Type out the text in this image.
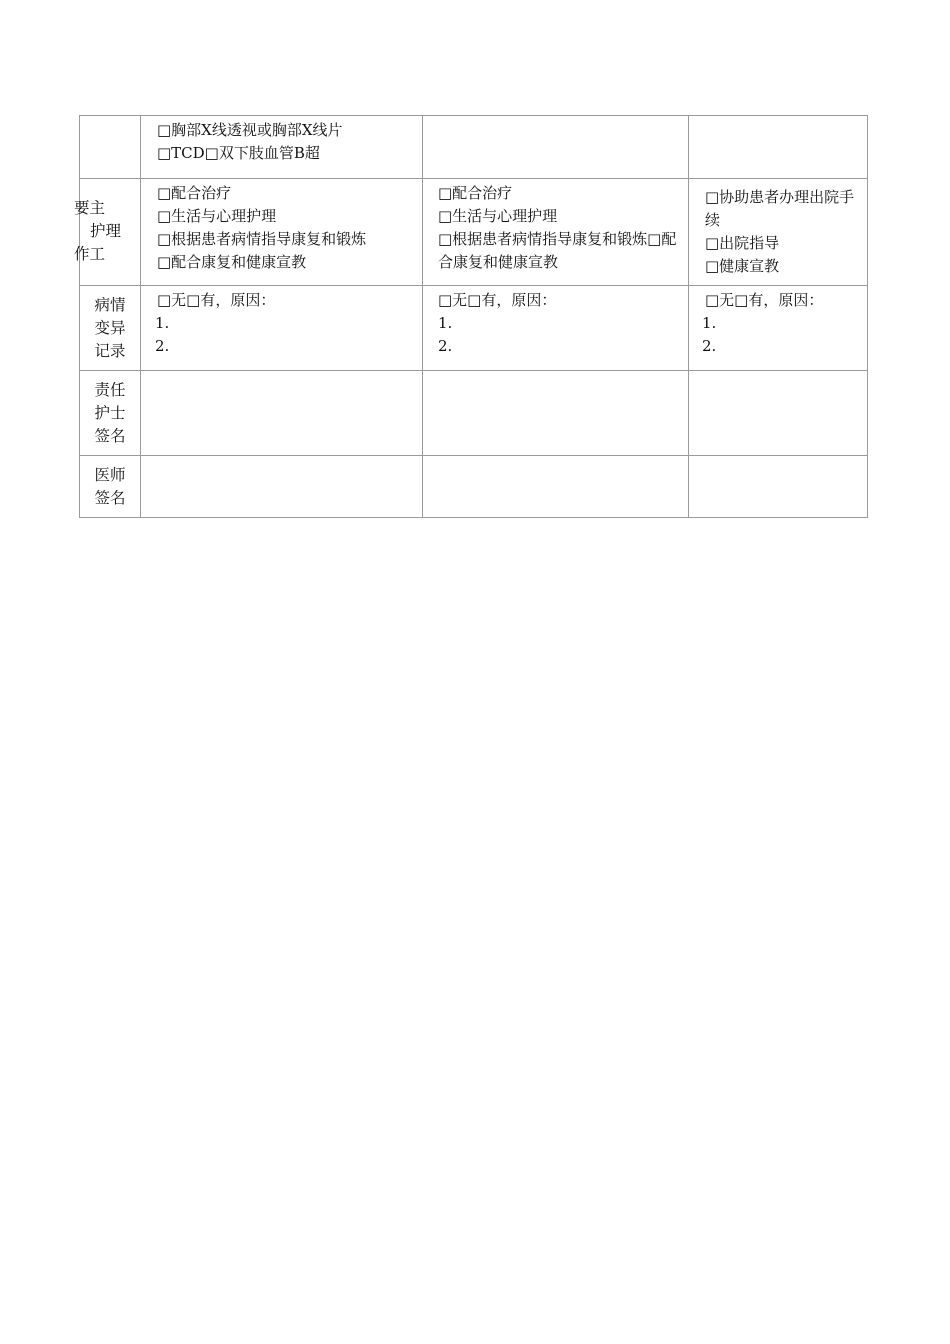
	□胸部X线透视或胸部X线片
□TCD□双下肢血管B超		

要主
护理
作工	□配合治疗
□生活与心理护理
□根据患者病情指导康复和锻炼
□配合康复和健康宣教	□配合治疗
□生活与心理护理
□根据患者病情指导康复和锻炼□配合康复和健康宣教	□协助患者办理出院手续
□出院指导
□健康宣教

病情
变异
记录	□无□有，原因：
1.
2.	□无□有，原因：
1.
2.	□无□有，原因：
1.
2.

责任
护士
签名			

医师
签名			
